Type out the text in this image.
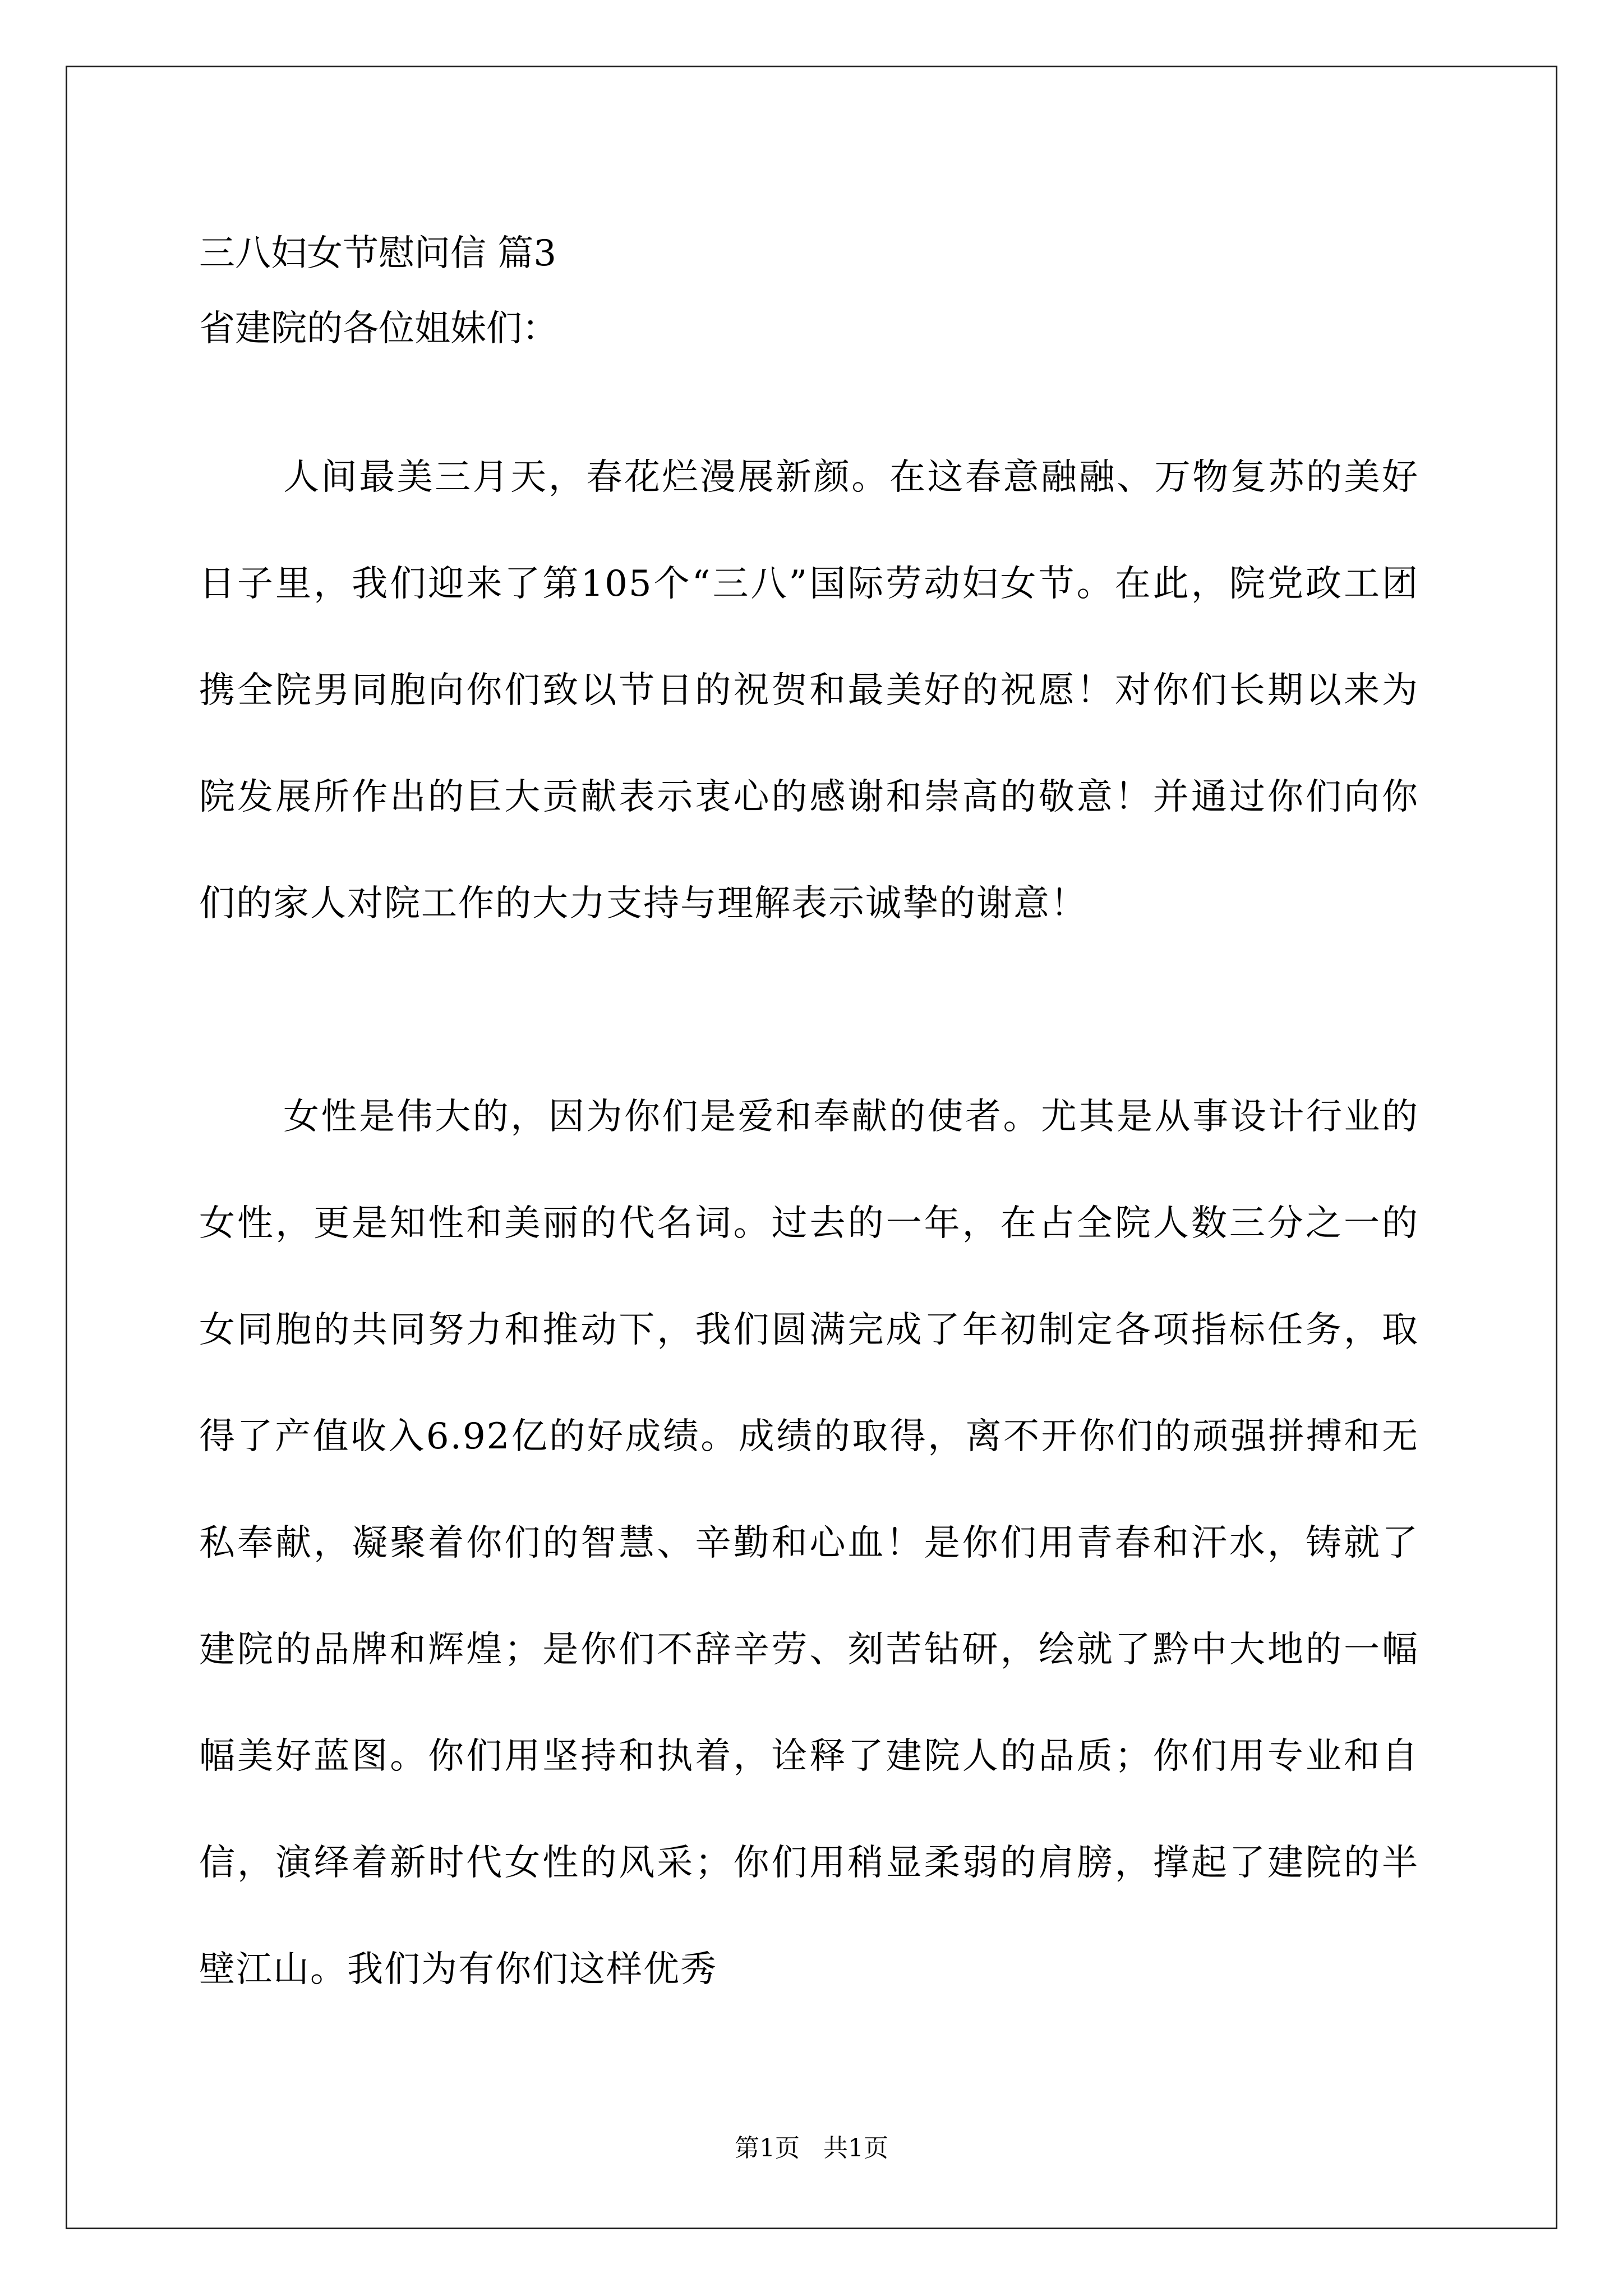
三八妇女节慰问信 篇3
省建院的各位姐妹们：

人间最美三月天，春花烂漫展新颜。在这春意融融、万物复苏的美好日子里，我们迎来了第105个“三八”国际劳动妇女节。在此，院党政工团携全院男同胞向你们致以节日的祝贺和最美好的祝愿！对你们长期以来为院发展所作出的巨大贡献表示衷心的感谢和崇高的敬意！并通过你们向你们的家人对院工作的大力支持与理解表示诚挚的谢意！

女性是伟大的，因为你们是爱和奉献的使者。尤其是从事设计行业的女性，更是知性和美丽的代名词。过去的一年，在占全院人数三分之一的女同胞的共同努力和推动下，我们圆满完成了年初制定各项指标任务，取得了产值收入6.92亿的好成绩。成绩的取得，离不开你们的顽强拼搏和无私奉献，凝聚着你们的智慧、辛勤和心血！是你们用青春和汗水，铸就了建院的品牌和辉煌；是你们不辞辛劳、刻苦钻研，绘就了黔中大地的一幅幅美好蓝图。你们用坚持和执着，诠释了建院人的品质；你们用专业和自信，演绎着新时代女性的风采；你们用稍显柔弱的肩膀，撑起了建院的半壁江山。我们为有你们这样优秀

第1页   共1页
